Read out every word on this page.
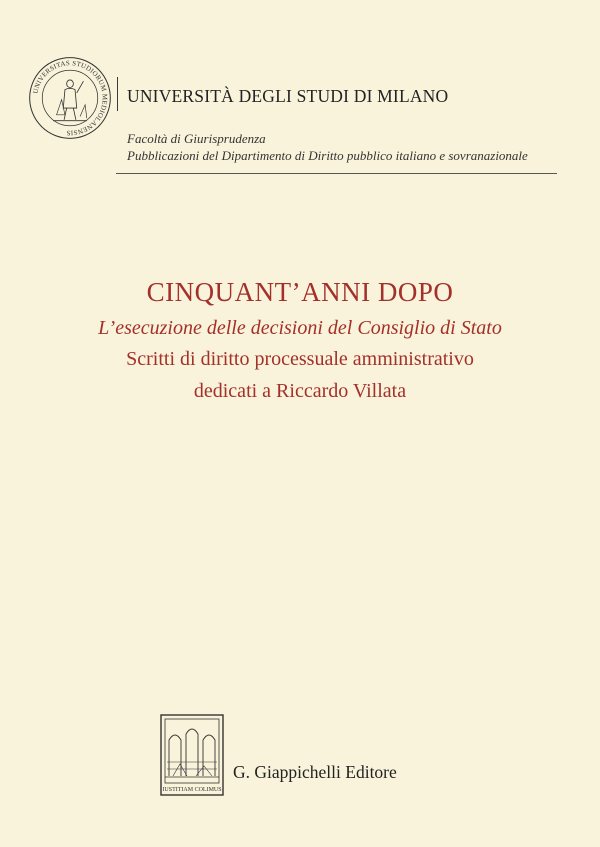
UNIVERSITAS STUDIORUM MEDIOLANENSIS
UNIVERSITÀ DEGLI STUDI DI MILANO
Facoltà di Giurisprudenza
Pubblicazioni del Dipartimento di Diritto pubblico italiano e sovranazionale
CINQUANT’ANNI DOPO
L’esecuzione delle decisioni del Consiglio di Stato
Scritti di diritto processuale amministrativo
dedicati a Riccardo Villata
IUSTITIAM COLIMUS
G. Giappichelli Editore
